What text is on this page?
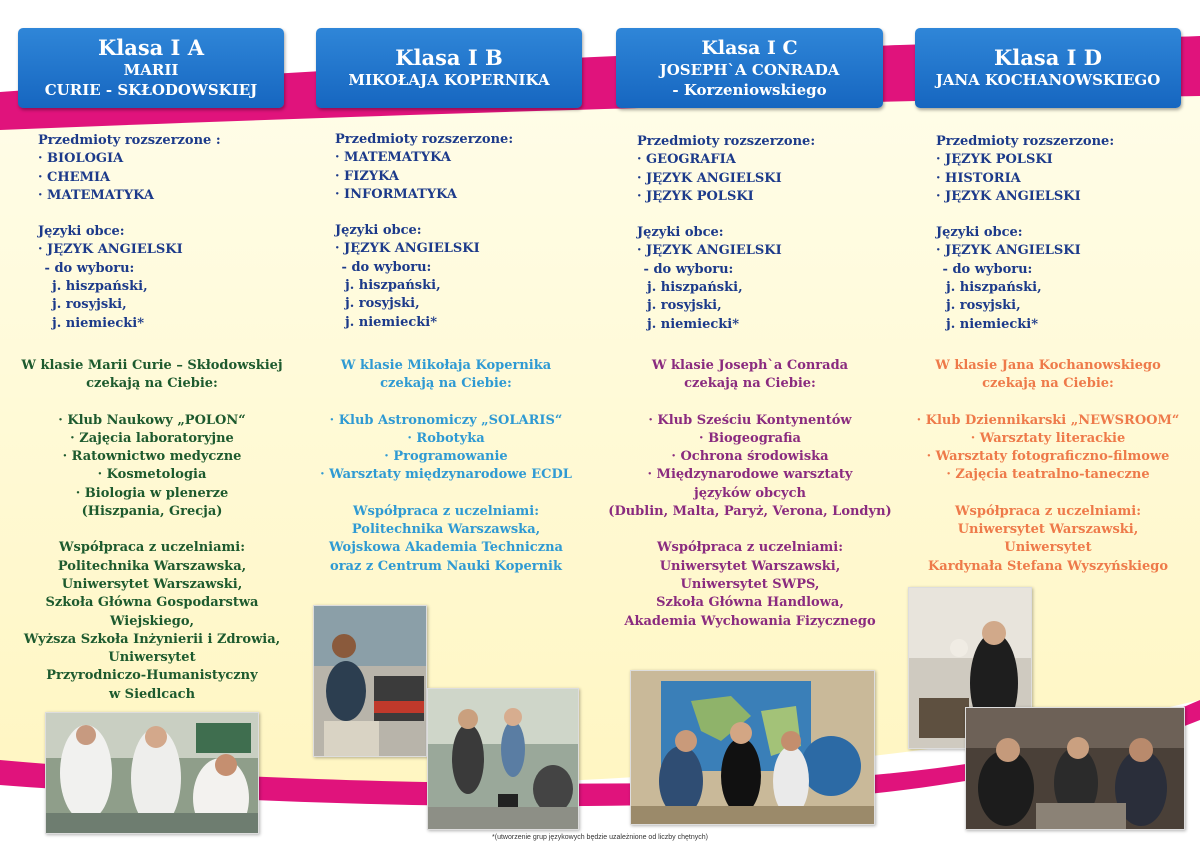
Klasa I A
MARII
CURIE - SKŁODOWSKIEJ
Przedmioty rozszerzone :
· BIOLOGIA
· CHEMIA
· MATEMATYKA
Języki obce:
· JĘZYK ANGIELSKI
- do wyboru:
j. hiszpański,
j. rosyjski,
j. niemiecki*
W klasie Marii Curie – Skłodowskiej
czekają na Ciebie:
· Klub Naukowy „POLON“
· Zajęcia laboratoryjne
· Ratownictwo medyczne
· Kosmetologia
· Biologia w plenerze
(Hiszpania, Grecja)
Współpraca z uczelniami:
Politechnika Warszawska,
Uniwersytet Warszawski,
Szkoła Główna Gospodarstwa
Wiejskiego,
Wyższa Szkoła Inżynierii i Zdrowia,
Uniwersytet
Przyrodniczo-Humanistyczny
w Siedlcach
Klasa I B
MIKOŁAJA KOPERNIKA
Przedmioty rozszerzone:
· MATEMATYKA
· FIZYKA
· INFORMATYKA
Języki obce:
· JĘZYK ANGIELSKI
- do wyboru:
j. hiszpański,
j. rosyjski,
j. niemiecki*
W klasie Mikołaja Kopernika
czekają na Ciebie:
· Klub Astronomiczy „SOLARIS“
· Robotyka
· Programowanie
· Warsztaty międzynarodowe ECDL
Współpraca z uczelniami:
Politechnika Warszawska,
Wojskowa Akademia Techniczna
oraz z Centrum Nauki Kopernik
Klasa I C
JOSEPH`A CONRADA
- Korzeniowskiego
Przedmioty rozszerzone:
· GEOGRAFIA
· JĘZYK ANGIELSKI
· JĘZYK POLSKI
Języki obce:
· JĘZYK ANGIELSKI
- do wyboru:
j. hiszpański,
j. rosyjski,
j. niemiecki*
W klasie Joseph`a Conrada
czekają na Ciebie:
· Klub Sześciu Kontynentów
· Biogeografia
· Ochrona środowiska
· Międzynarodowe warsztaty
języków obcych
(Dublin, Malta, Paryż, Verona, Londyn)
Współpraca z uczelniami:
Uniwersytet Warszawski,
Uniwersytet SWPS,
Szkoła Główna Handlowa,
Akademia Wychowania Fizycznego
Klasa I D
JANA KOCHANOWSKIEGO
Przedmioty rozszerzone:
· JĘZYK POLSKI
· HISTORIA
· JĘZYK ANGIELSKI
Języki obce:
· JĘZYK ANGIELSKI
- do wyboru:
j. hiszpański,
j. rosyjski,
j. niemiecki*
W klasie Jana Kochanowskiego
czekają na Ciebie:
· Klub Dziennikarski „NEWSROOM“
· Warsztaty literackie
· Warsztaty fotograficzno-filmowe
· Zajęcia teatralno-taneczne
Współpraca z uczelniami:
Uniwersytet Warszawski,
Uniwersytet
Kardynała Stefana Wyszyńskiego
*(utworzenie grup językowych będzie uzależnione od liczby chętnych)
